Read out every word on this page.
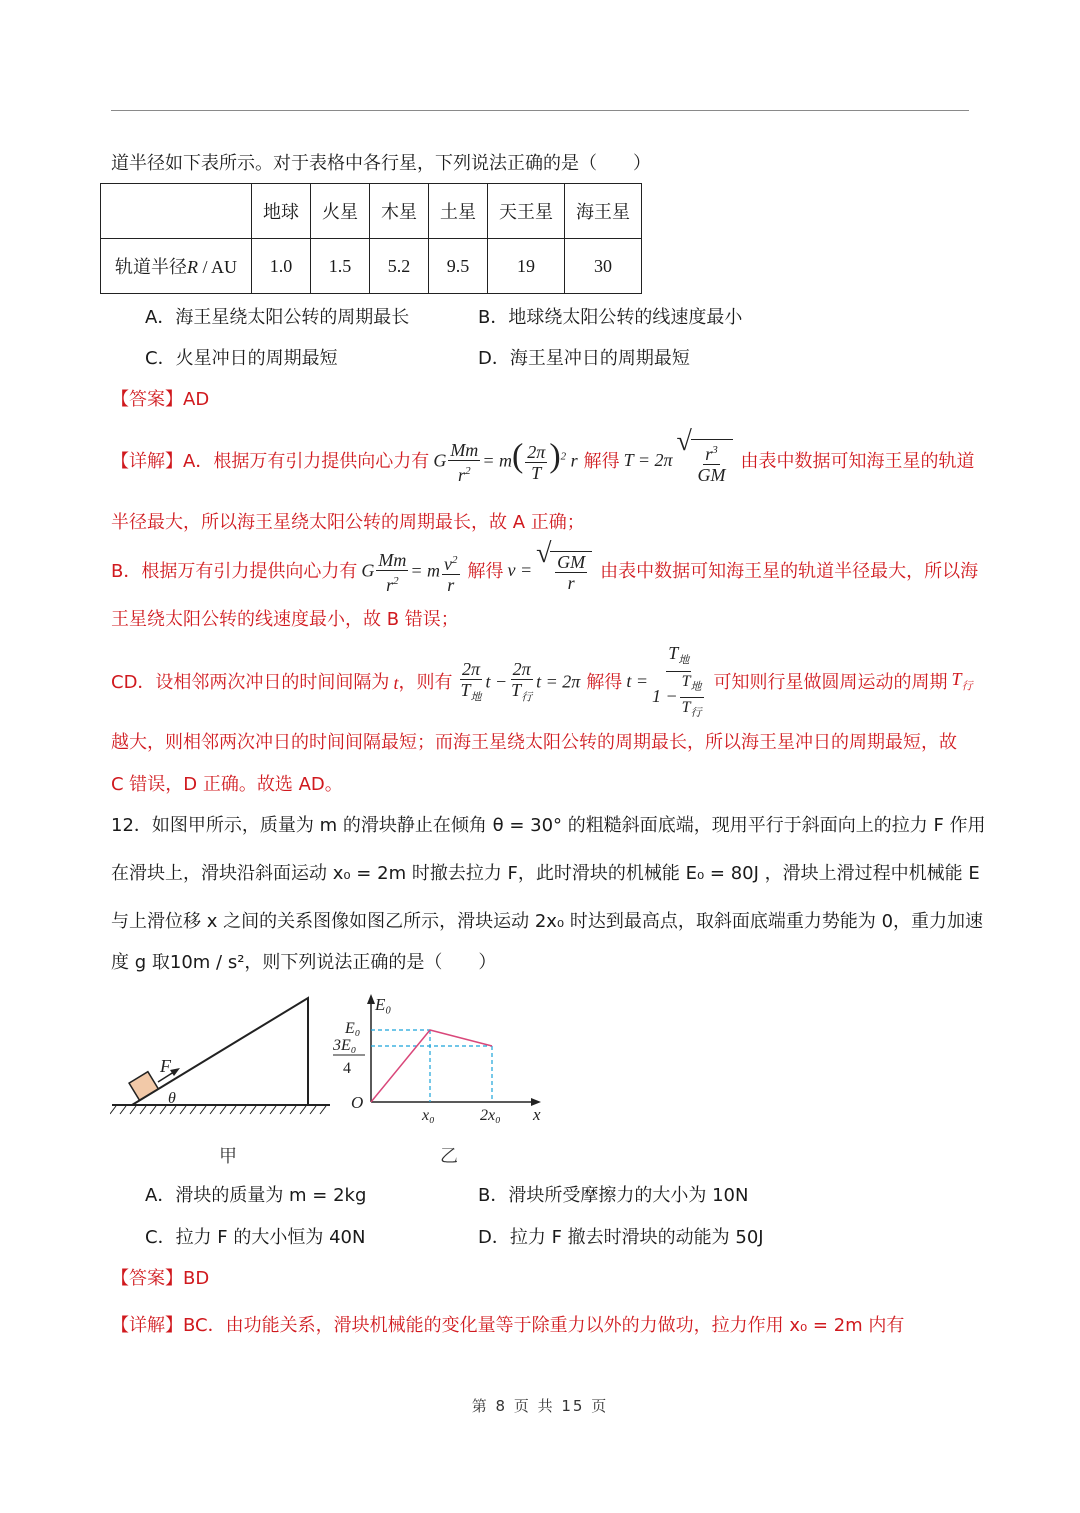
道半径如下表所示。对于表格中各行星，下列说法正确的是（　　）
	地球	火星	木星	土星	天王星	海王星
轨道半径R / AU	1.0	1.5	5.2	9.5	19	30
A．海王星绕太阳公转的周期最长	B．地球绕太阳公转的线速度最小
C．火星冲日的周期最短	D．海王星冲日的周期最短
【答案】AD
【详解】A．根据万有引力提供向心力有 G $\frac{Mm}{r^2} = m( \frac{2\pi}{T} )^2$ r 解得 T = 2π √ $\frac{r^3}{GM}$ 由表中数据可知海王星的轨道
半径最大，所以海王星绕太阳公转的周期最长，故 A 正确；
B．根据万有引力提供向心力有 G $\frac{Mm}{r^2} = m \frac{v^2}{r}$ 解得 v = √ $\frac{GM}{r}$ 由表中数据可知海王星的轨道半径最大，所以海
王星绕太阳公转的线速度最小，故 B 错误；
CD．设相邻两次冲日的时间间隔为 t ，则有 $\frac{2\pi}{T_地}$ $t - \frac{2\pi}{T_行}$ t = 2π 解得 $t = \frac{T_地}{1 - \frac{T_地}{T_行}}$ 可知则行星做圆周运动的周期 $T_行$
越大，则相邻两次冲日的时间间隔最短；而海王星绕太阳公转的周期最长，所以海王星冲日的周期最短，故
C 错误，D 正确。故选 AD。
12．如图甲所示，质量为 m 的滑块静止在倾角 θ = 30° 的粗糙斜面底端，现用平行于斜面向上的拉力 F 作用
在滑块上，滑块沿斜面运动 x₀ = 2m 时撤去拉力 F，此时滑块的机械能 E₀ = 80J ，滑块上滑过程中机械能 E
与上滑位移 x 之间的关系图像如图乙所示，滑块运动 2x₀ 时达到最高点，取斜面底端重力势能为 0，重力加速
度 g 取10m / s²，则下列说法正确的是（　　）
F
θ
甲
E₀
E₀
3E₀
4
O
x₀	2x₀ x
乙
A．滑块的质量为 m = 2kg	B．滑块所受摩擦力的大小为 10N
C．拉力 F 的大小恒为 40N	D．拉力 F 撤去时滑块的动能为 50J
【答案】BD
【详解】BC．由功能关系，滑块机械能的变化量等于除重力以外的力做功，拉力作用 x₀ = 2m 内有
第 8 页 共 15 页
